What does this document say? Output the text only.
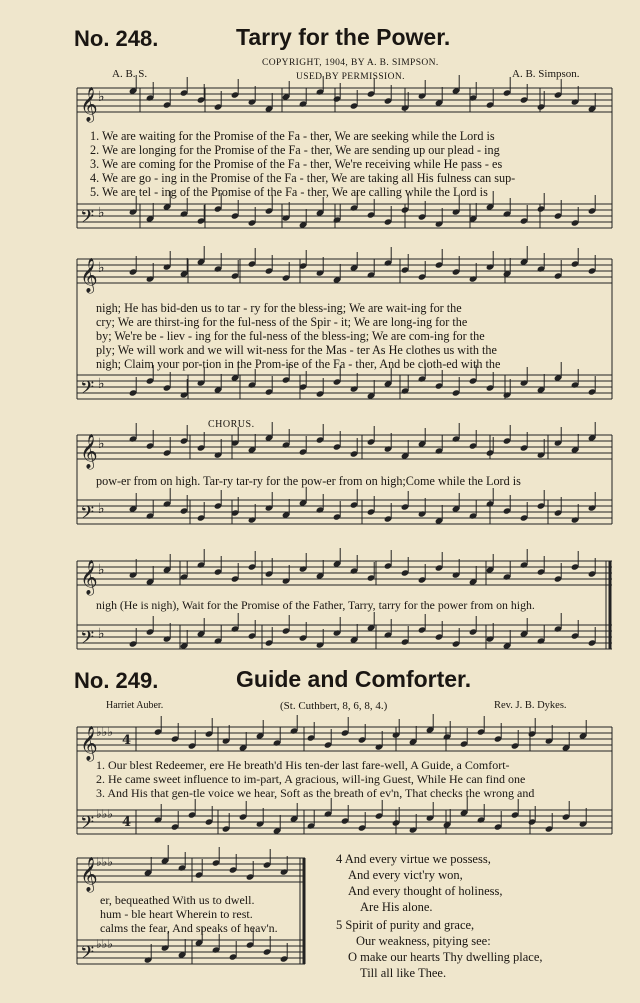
No. 248.	Tarry for the Power.
COPYRIGHT, 1904, BY A. B. SIMPSON.
USED BY PERMISSION.
A. B. S.	A. B. Simpson.
𝄞
𝄢
𝄞
𝄢
𝄞
𝄢
𝄞
𝄢
𝄞
𝄢
𝄞
𝄢
♭
♭
♭
♭
♭
♭
♭
♭
♭♭♭
♭♭♭
♭♭♭
♭♭♭
4
4
1. We are waiting for the Promise of the Fa - ther, We are seeking while the Lord is
2. We are longing for the Promise of the Fa - ther, We are sending up our plead - ing
3. We are coming for the Promise of the Fa - ther, We're receiving while He pass - es
4. We are go - ing in the Promise of the Fa - ther, We are taking all His fulness can sup-
5. We are tel - ing of the Promise of the Fa - ther, We are calling while the Lord is
nigh; He has bid-den us to tar - ry for the bless-ing; We are wait-ing for the
cry; We are thirst-ing for the ful-ness of the Spir - it; We are long-ing for the
by; We're be - liev - ing for the ful-ness of the bless-ing; We are com-ing for the
ply; We will work and we will wit-ness for the Mas - ter As He clothes us with the
nigh; Claim your por-tion in the Prom-ise of the Fa - ther, And be cloth-ed with the
CHORUS.
pow-er from on high. Tar-ry tar-ry for the pow-er from on high;Come while the Lord is
nigh (He is nigh), Wait for the Promise of the Father, Tarry, tarry for the power from on high.
No. 249.	Guide and Comforter.
Harriet Auber.	(St. Cuthbert, 8, 6, 8, 4.)	Rev. J. B. Dykes.
1. Our blest Redeemer, ere He breath'd His ten-der last fare-well, A Guide, a Comfort-
2. He came sweet influence to im-part, A gracious, will-ing Guest, While He can find one
3. And His that gen-tle voice we hear, Soft as the breath of ev'n, That checks the wrong and
er, bequeathed With us to dwell.
hum - ble heart Wherein to rest.
calms the fear, And speaks of heav'n.
4 And every virtue we possess,
And every vict'ry won,
And every thought of holiness,
Are His alone.
5 Spirit of purity and grace,
Our weakness, pitying see:
O make our hearts Thy dwelling place,
Till all like Thee.
